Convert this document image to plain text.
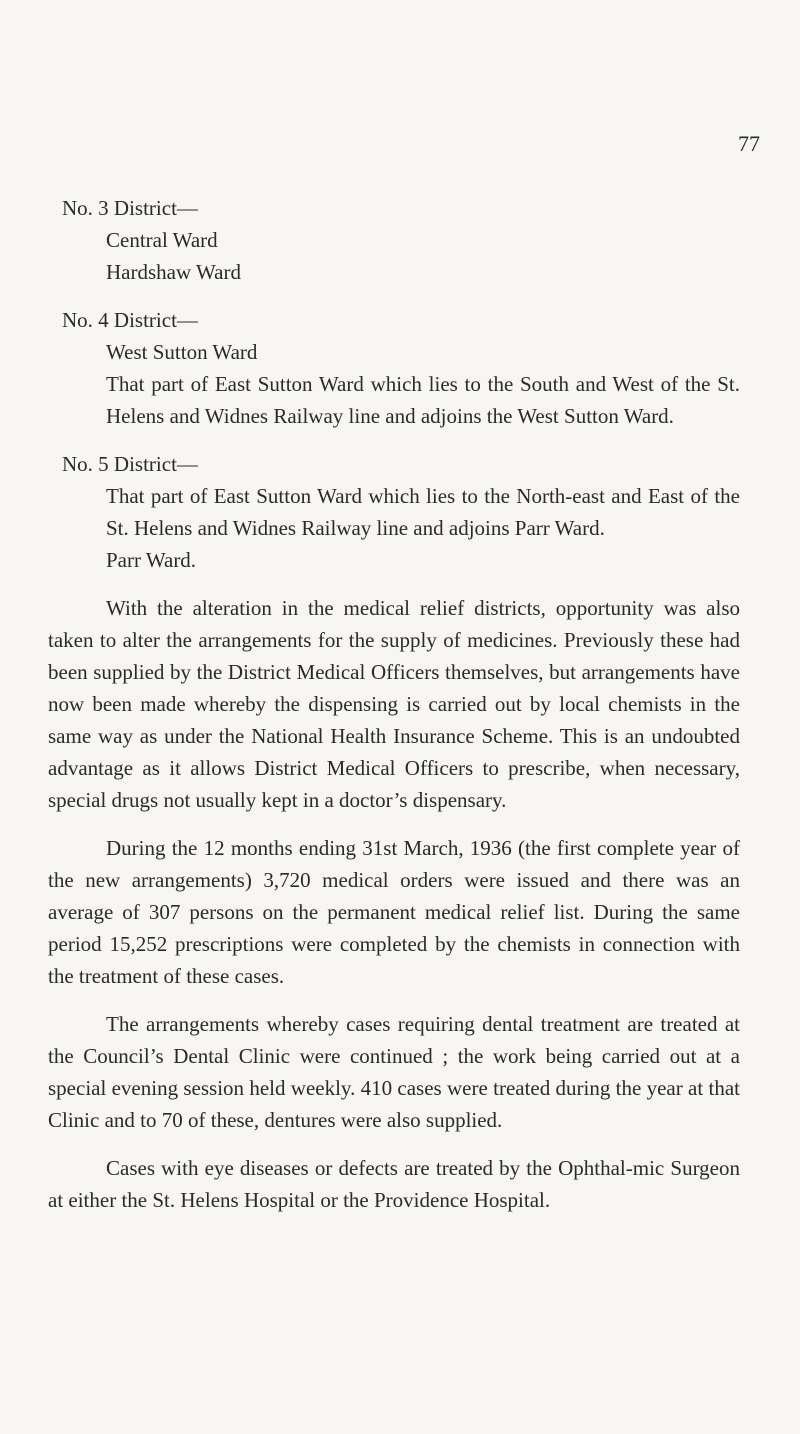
77

No. 3 District—

Central Ward

Hardshaw Ward

No. 4 District—

West Sutton Ward

That part of East Sutton Ward which lies to the South and West of the St. Helens and Widnes Railway line and adjoins the West Sutton Ward.

No. 5 District—

That part of East Sutton Ward which lies to the North-east and East of the St. Helens and Widnes Railway line and adjoins Parr Ward.

Parr Ward.

With the alteration in the medical relief districts, opportunity was also taken to alter the arrangements for the supply of medicines. Previously these had been supplied by the District Medical Officers themselves, but arrangements have now been made whereby the dispensing is carried out by local chemists in the same way as under the National Health Insurance Scheme. This is an undoubted advantage as it allows District Medical Officers to prescribe, when necessary, special drugs not usually kept in a doctor’s dispensary.

During the 12 months ending 31st March, 1936 (the first complete year of the new arrangements) 3,720 medical orders were issued and there was an average of 307 persons on the permanent medical relief list. During the same period 15,252 prescriptions were completed by the chemists in connection with the treatment of these cases.

The arrangements whereby cases requiring dental treatment are treated at the Council’s Dental Clinic were continued ; the work being carried out at a special evening session held weekly. 410 cases were treated during the year at that Clinic and to 70 of these, dentures were also supplied.

Cases with eye diseases or defects are treated by the Ophthal-mic Surgeon at either the St. Helens Hospital or the Providence Hospital.
